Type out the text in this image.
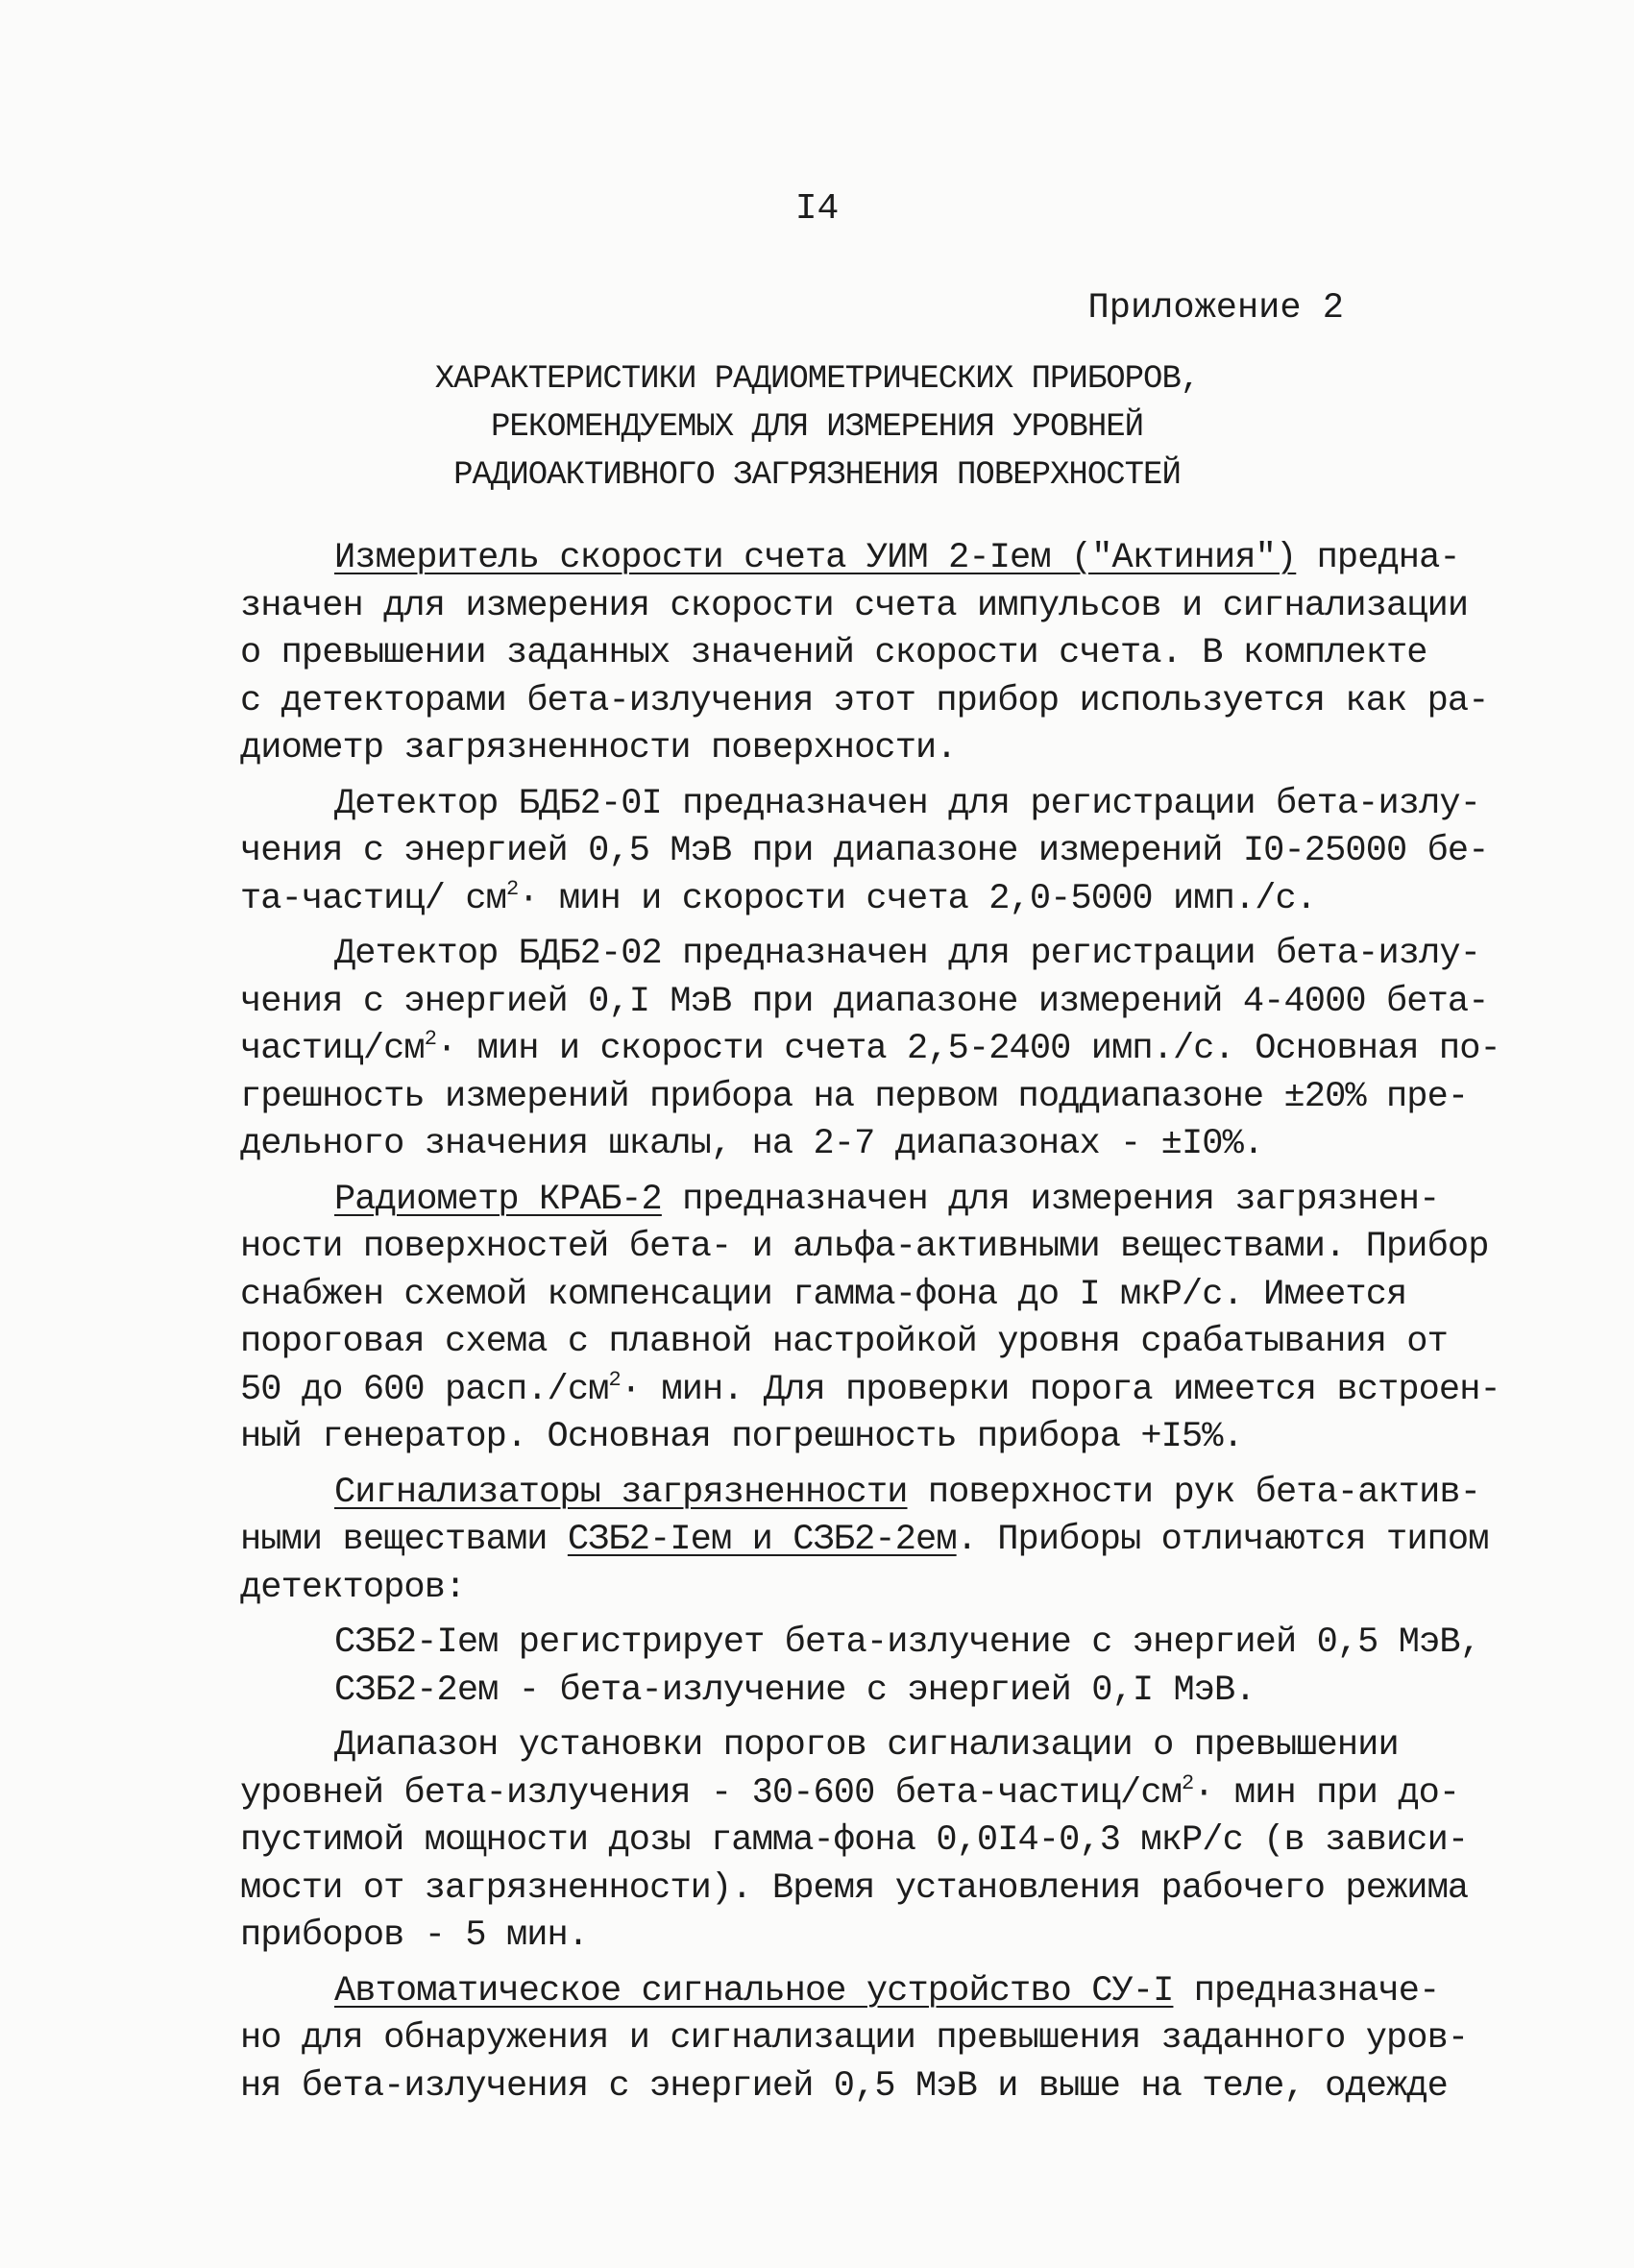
I4
Приложение 2
ХАРАКТЕРИСТИКИ РАДИОМЕТРИЧЕСКИХ ПРИБОРОВ,
РЕКОМЕНДУЕМЫХ ДЛЯ ИЗМЕРЕНИЯ УРОВНЕЙ
РАДИОАКТИВНОГО ЗАГРЯЗНЕНИЯ ПОВЕРХНОСТЕЙ
Измеритель скорости счета УИМ 2-Iем ("Актиния") предна-
значен для измерения скорости счета импульсов и сигнализации
о превышении заданных значений скорости счета. В комплекте
с детекторами бета-излучения этот прибор используется как ра-
диометр загрязненности поверхности.
Детектор БДБ2-0I предназначен для регистрации бета-излу-
чения с энергией 0,5 МэВ при диапазоне измерений I0-25000 бе-
та-частиц/ $см^2\cdot$ мин и скорости счета 2,0-5000 имп./с.
Детектор БДБ2-02 предназначен для регистрации бета-излу-
чения с энергией 0,I МэВ при диапазоне измерений 4-4000 бета-
частиц/$см^2\cdot$ мин и скорости счета 2,5-2400 имп./с. Основная по-
грешность измерений прибора на первом поддиапазоне ±20% пре-
дельного значения шкалы, на 2-7 диапазонах - ±I0%.
Радиометр КРАБ-2 предназначен для измерения загрязнен-
ности поверхностей бета- и альфа-активными веществами. Прибор
снабжен схемой компенсации гамма-фона до I мкР/с. Имеется
пороговая схема с плавной настройкой уровня срабатывания от
50 до 600 $расп./см^2\cdot$ мин. Для проверки порога имеется встроен-
ный генератор. Основная погрешность прибора +I5%.
Сигнализаторы загрязненности поверхности рук бета-актив-
ными веществами СЗБ2-Iем и СЗБ2-2ем. Приборы отличаются типом
детекторов:
СЗБ2-Iем регистрирует бета-излучение с энергией 0,5 МэВ,
СЗБ2-2ем - бета-излучение с энергией 0,I МэВ.
Диапазон установки порогов сигнализации о превышении
уровней бета-излучения - 30-600 бета-$частиц/см^2\cdot$ мин при до-
пустимой мощности дозы гамма-фона 0,0I4-0,3 мкР/с (в зависи-
мости от загрязненности). Время установления рабочего режима
приборов - 5 мин.
Автоматическое сигнальное устройство СУ-I предназначе-
но для обнаружения и сигнализации превышения заданного уров-
ня бета-излучения с энергией 0,5 МэВ и выше на теле, одежде
